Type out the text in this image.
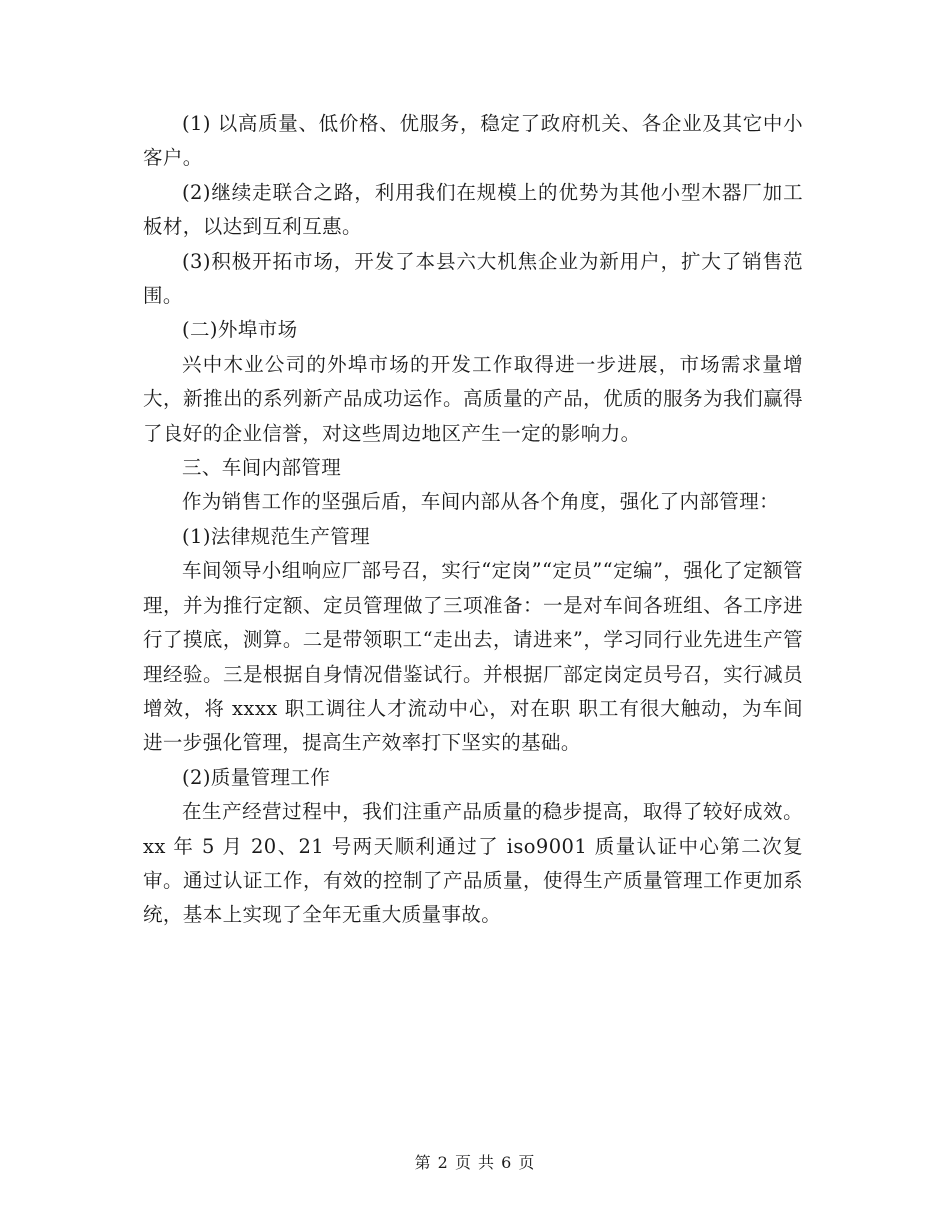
(1) 以高质量、低价格、优服务，稳定了政府机关、各企业及其它中小客户。

(2)继续走联合之路，利用我们在规模上的优势为其他小型木器厂加工板材，以达到互利互惠。

(3)积极开拓市场，开发了本县六大机焦企业为新用户，扩大了销售范围。

(二)外埠市场

兴中木业公司的外埠市场的开发工作取得进一步进展，市场需求量增大，新推出的系列新产品成功运作。高质量的产品，优质的服务为我们赢得了良好的企业信誉，对这些周边地区产生一定的影响力。

三、车间内部管理

作为销售工作的坚强后盾，车间内部从各个角度，强化了内部管理：

(1)法律规范生产管理

车间领导小组响应厂部号召，实行“定岗”“定员”“定编”，强化了定额管理，并为推行定额、定员管理做了三项准备：一是对车间各班组、各工序进行了摸底，测算。二是带领职工“走出去，请进来”，学习同行业先进生产管理经验。三是根据自身情况借鉴试行。并根据厂部定岗定员号召，实行减员增效，将 xxxx 职工调往人才流动中心，对在职 职工有很大触动，为车间进一步强化管理，提高生产效率打下坚实的基础。

(2)质量管理工作

在生产经营过程中，我们注重产品质量的稳步提高，取得了较好成效。xx 年 5 月 20、21 号两天顺利通过了 iso9001 质量认证中心第二次复审。通过认证工作，有效的控制了产品质量，使得生产质量管理工作更加系统，基本上实现了全年无重大质量事故。

第 2 页 共 6 页
